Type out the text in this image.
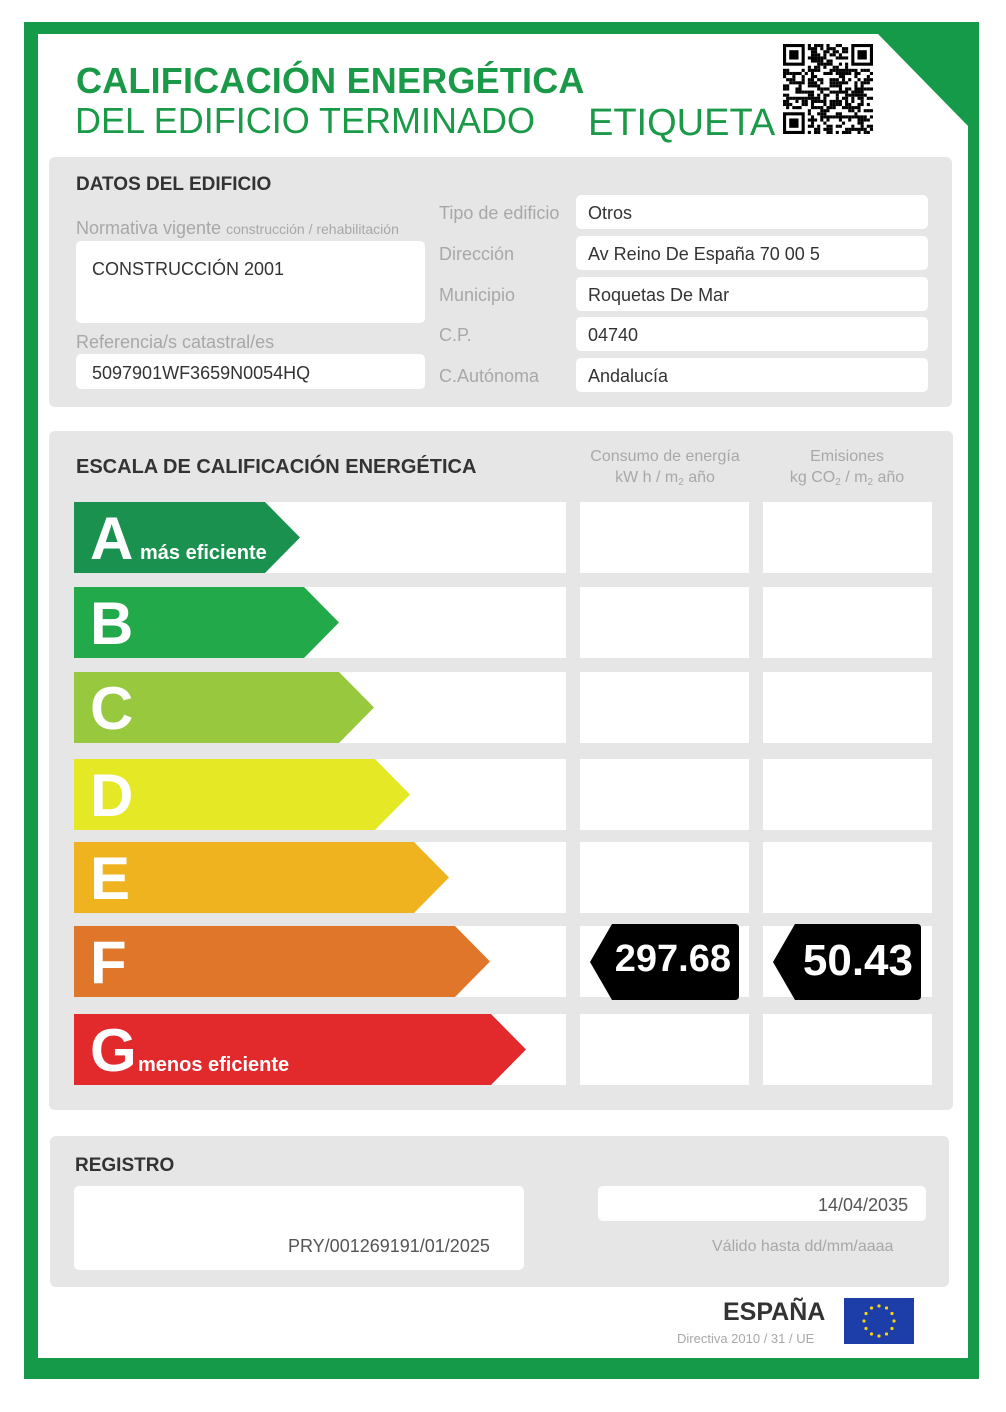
CALIFICACIÓN ENERGÉTICA
DEL EDIFICIO TERMINADO ETIQUETA
DATOS DEL EDIFICIO
Normativa vigente construcción / rehabilitación
CONSTRUCCIÓN 2001
Referencia/s catastral/es
5097901WF3659N0054HQ
Tipo de edificio Otros
Dirección	Av Reino De España 70 00 5
Municipio	Roquetas De Mar
C.P.	04740
C.Autónoma	Andalucía
ESCALA DE CALIFICACIÓN ENERGÉTICA	Consumo de energía
kW h / $m_2$ año
Emisiones
kg $CO_2 / m_2$ año
A más eficiente
B
C
D
E
F	297.68	50.43
G menos eficiente
REGISTRO
PRY/001269191/01/2025
14/04/2035
Válido hasta dd/mm/aaaa
ESPAÑA
Directiva 2010 / 31 / UE
